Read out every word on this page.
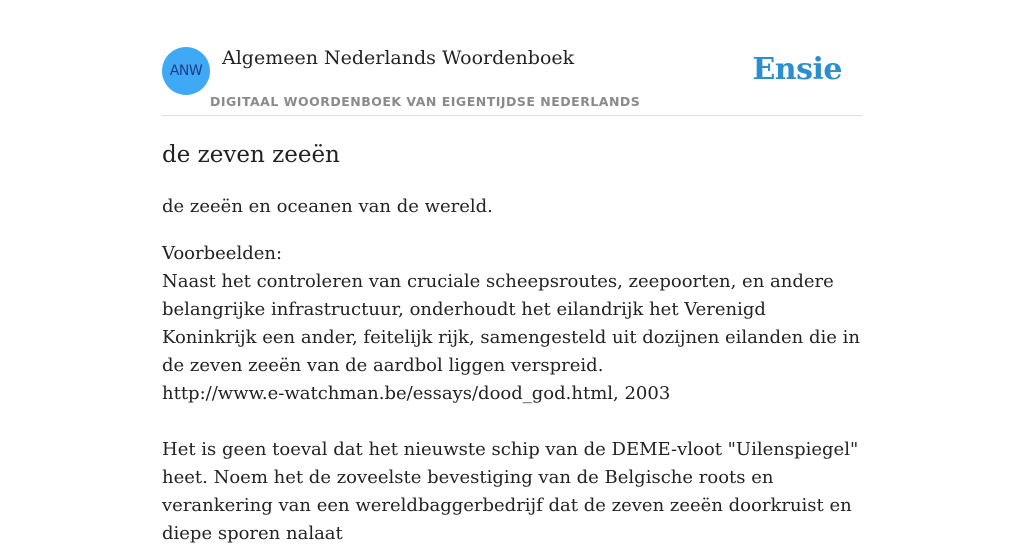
ANW
Algemeen Nederlands Woordenboek
DIGITAAL WOORDENBOEK VAN EIGENTIJDSE NEDERLANDS
Ensie
de zeven zeeën

de zeeën en oceanen van de wereld.

Voorbeelden:
Naast het controleren van cruciale scheepsroutes, zeepoorten, en andere belangrijke infrastructuur, onderhoudt het eilandrijk het Verenigd Koninkrijk een ander, feitelijk rijk, samengesteld uit dozijnen eilanden die in de zeven zeeën van de aardbol liggen verspreid.
http://www.e-watchman.be/essays/dood_god.html, 2003
Het is geen toeval dat het nieuwste schip van de DEME-vloot "Uilenspiegel" heet. Noem het de zoveelste bevestiging van de Belgische roots en verankering van een wereldbaggerbedrijf dat de zeven zeeën doorkruist en diepe sporen nalaat
